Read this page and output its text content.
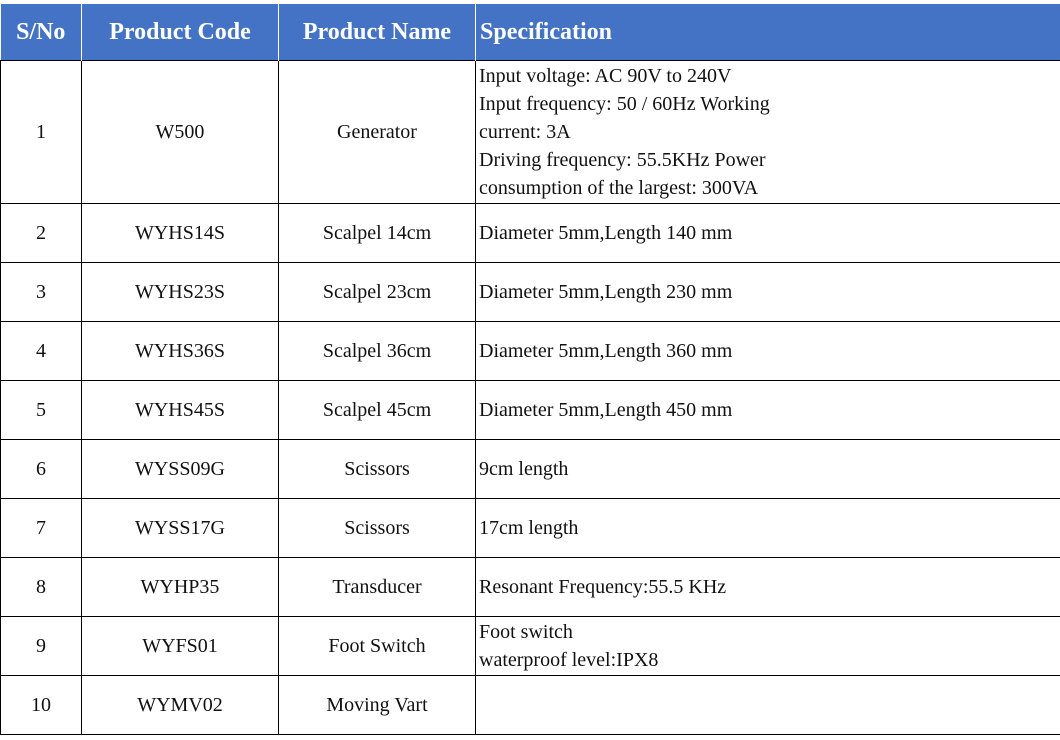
S/No	Product Code	Product Name	Specification
1	W500	Generator	Input voltage: AC 90V to 240V
Input frequency: 50 / 60Hz Working
current: 3A
Driving frequency: 55.5KHz Power
consumption of the largest: 300VA

2	WYHS14S	Scalpel 14cm	Diameter 5mm,Length 140 mm

3	WYHS23S	Scalpel 23cm	Diameter 5mm,Length 230 mm

4	WYHS36S	Scalpel 36cm	Diameter 5mm,Length 360 mm

5	WYHS45S	Scalpel 45cm	Diameter 5mm,Length 450 mm

6	WYSS09G	Scissors	9cm length

7	WYSS17G	Scissors	17cm length

8	WYHP35	Transducer	Resonant Frequency:55.5 KHz

9	WYFS01	Foot Switch	Foot switch
waterproof level:IPX8

10	WYMV02	Moving Vart	
